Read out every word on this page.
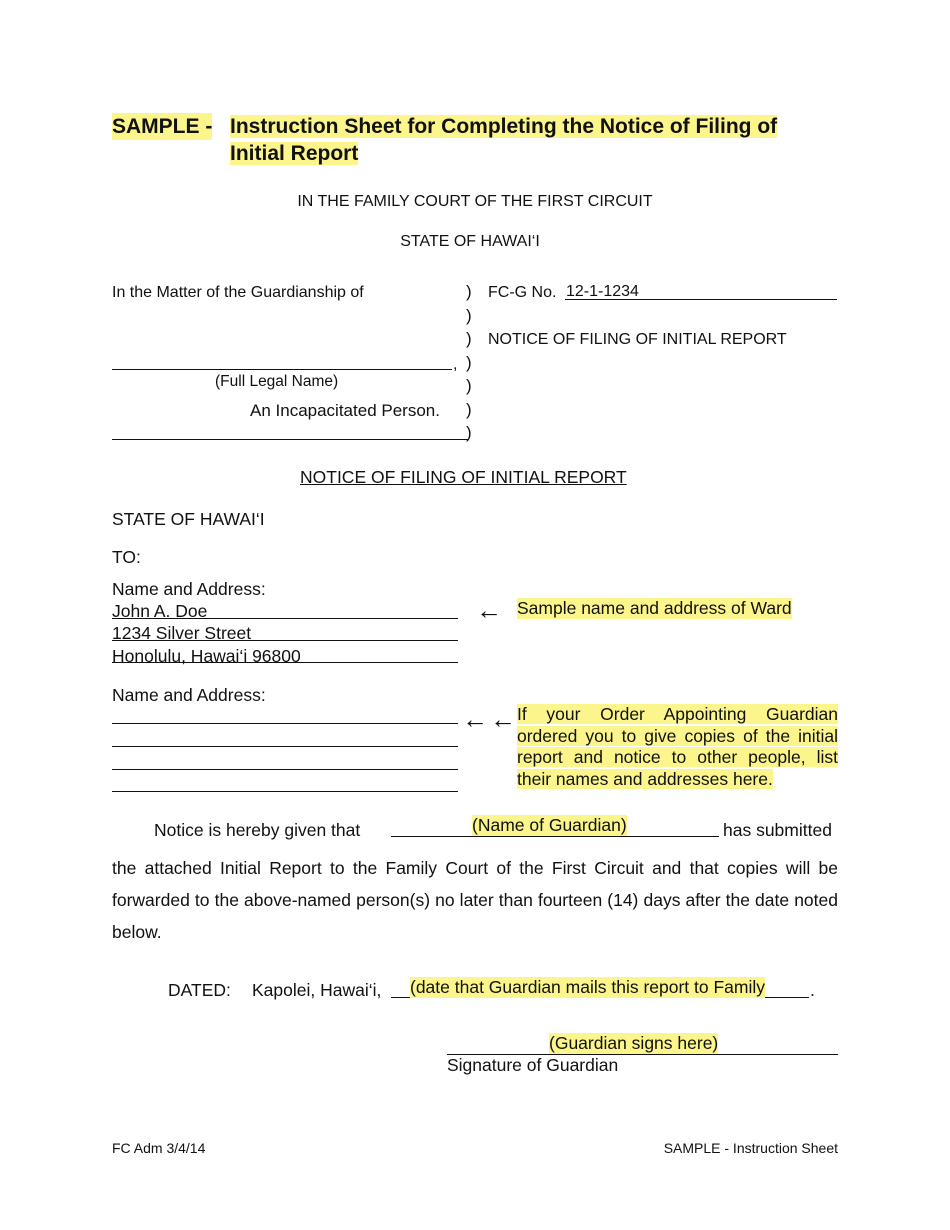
SAMPLE - Instruction Sheet for Completing the Notice of Filing of
Initial Report
IN THE FAMILY COURT OF THE FIRST CIRCUIT
STATE OF HAWAI‘I
In the Matter of the Guardianship of
,
(Full Legal Name)
An Incapacitated Person.
)
)
)
)
)
)
)
FC-G No. 12-1-1234
NOTICE OF FILING OF INITIAL REPORT
NOTICE OF FILING OF INITIAL REPORT
STATE OF HAWAI‘I
TO:
Name and Address:
John A. Doe
1234 Silver Street
Honolulu, Hawai‘i 96800
← Sample name and address of Ward
Name and Address:
← ← If your Order Appointing Guardian ordered you to give copies of the initial report and notice to other people, list their names and addresses here.
Notice is hereby given that	(Name of Guardian)	has submitted
the attached Initial Report to the Family Court of the First Circuit and that copies will be forwarded to the above-named person(s) no later than fourteen (14) days after the date noted below.
DATED: Kapolei, Hawai‘i, (date that Guardian mails this report to Family	.
(Guardian signs here)
Signature of Guardian
FC Adm 3/4/14	SAMPLE - Instruction Sheet
